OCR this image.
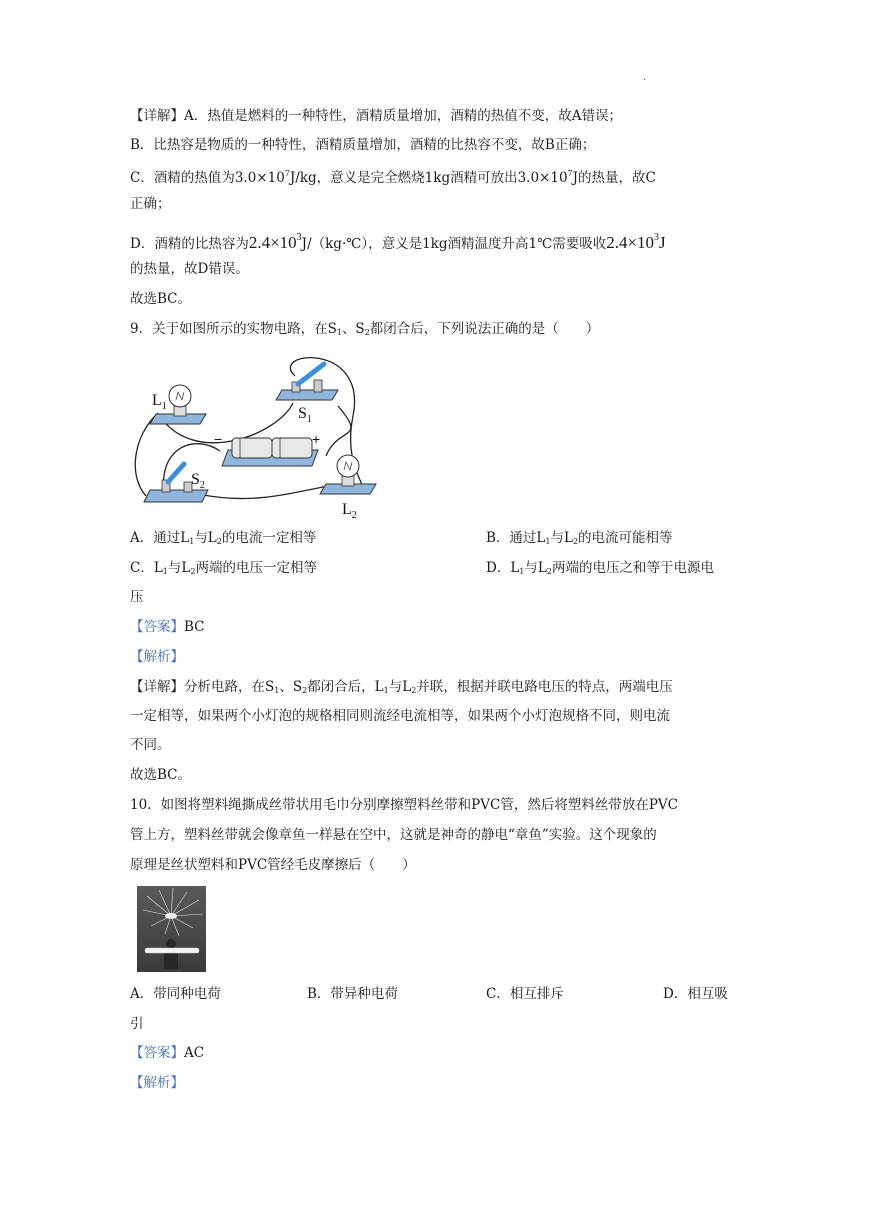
.
【详解】A．热值是燃料的一种特性，酒精质量增加，酒精的热值不变，故A错误；
B．比热容是物质的一种特性，酒精质量增加，酒精的比热容不变，故B正确；
C．酒精的热值为$3.0\times 10^7J/kg$，意义是完全燃烧1kg酒精可放出$3.0\times 10^7J$的热量，故C
正确；
D．酒精的比热容为$2.4\times 10^3J/(kg\cdot℃)$，意义是1kg酒精温度升高1℃需要吸收$2.4\times 10^3J$
的热量，故D错误。
故选BC。
9．关于如图所示的实物电路，在$S_1$、$S_2$都闭合后，下列说法正确的是（　　）
$L_1$	$S_1$
−	+
$S_2$
$L_2$
A．通过$L_1$与$L_2$的电流一定相等	B．通过$L_1$与$L_2$的电流可能相等
C．$L_1$与$L_2$两端的电压一定相等	D．$L_1$与$L_2$两端的电压之和等于电源电
压
【答案】BC
【解析】
【详解】分析电路，在$S_1$、$S_2$都闭合后，$L_1$与$L_2$并联，根据并联电路电压的特点，两端电压
一定相等，如果两个小灯泡的规格相同则流经电流相等，如果两个小灯泡规格不同，则电流
不同。
故选BC。
10．如图将塑料绳撕成丝带状用毛巾分别摩擦塑料丝带和PVC管，然后将塑料丝带放在PVC
管上方，塑料丝带就会像章鱼一样悬在空中，这就是神奇的静电“章鱼”实验。这个现象的
原理是丝状塑料和PVC管经毛皮摩擦后（　　）
A．带同种电荷	B．带异种电荷	C．相互排斥	D．相互吸
引
【答案】AC
【解析】
